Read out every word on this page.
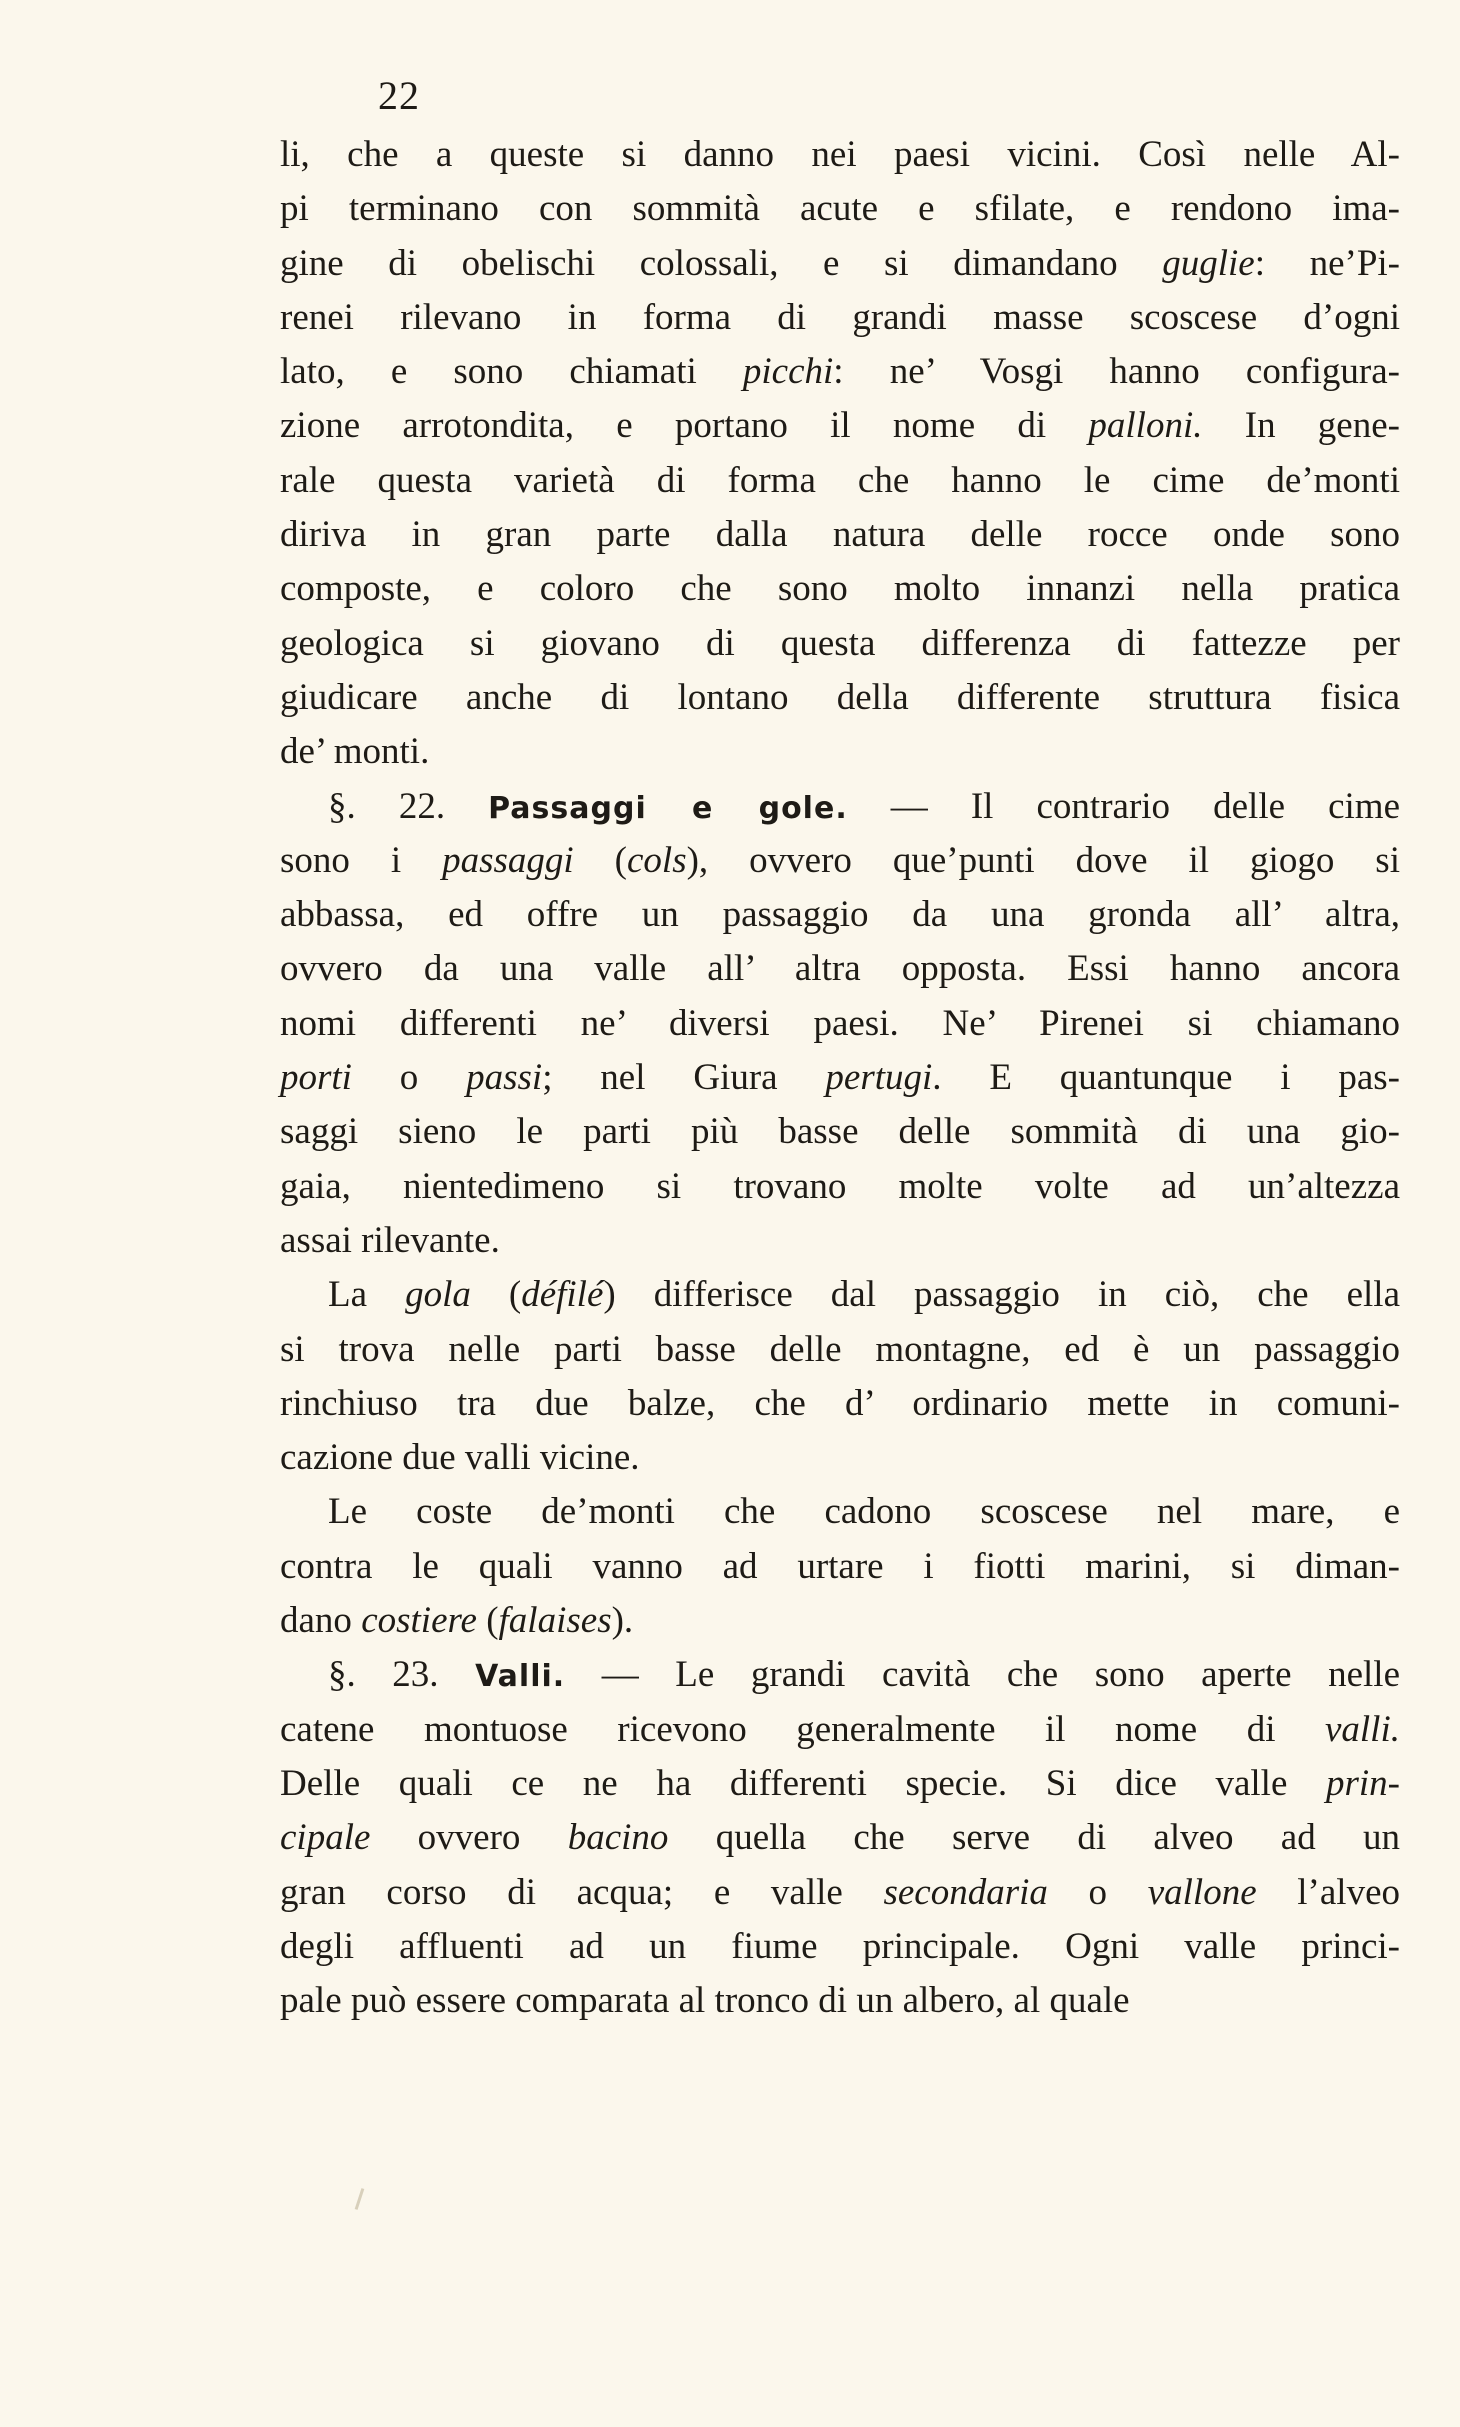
22
li, che a queste si danno nei paesi vicini. Così nelle Al-
pi terminano con sommità acute e sfilate, e rendono ima-
gine di obelischi colossali, e si dimandano guglie: ne’Pi-
renei rilevano in forma di grandi masse scoscese d’ogni
lato, e sono chiamati picchi: ne’ Vosgi hanno configura-
zione arrotondita, e portano il nome di palloni. In gene-
rale questa varietà di forma che hanno le cime de’monti
diriva in gran parte dalla natura delle rocce onde sono
composte, e coloro che sono molto innanzi nella pratica
geologica si giovano di questa differenza di fattezze per
giudicare anche di lontano della differente struttura fisica
de’ monti.
§. 22. Passaggi e gole. — Il contrario delle cime
sono i passaggi (cols), ovvero que’punti dove il giogo si
abbassa, ed offre un passaggio da una gronda all’ altra,
ovvero da una valle all’ altra opposta. Essi hanno ancora
nomi differenti ne’ diversi paesi. Ne’ Pirenei si chiamano
porti o passi; nel Giura pertugi. E quantunque i pas-
saggi sieno le parti più basse delle sommità di una gio-
gaia, nientedimeno si trovano molte volte ad un’altezza
assai rilevante.
La gola (défilé) differisce dal passaggio in ciò, che ella
si trova nelle parti basse delle montagne, ed è un passaggio
rinchiuso tra due balze, che d’ ordinario mette in comuni-
cazione due valli vicine.
Le coste de’monti che cadono scoscese nel mare, e
contra le quali vanno ad urtare i fiotti marini, si diman-
dano costiere (falaises).
§. 23. Valli. — Le grandi cavità che sono aperte nelle
catene montuose ricevono generalmente il nome di valli.
Delle quali ce ne ha differenti specie. Si dice valle prin-
cipale ovvero bacino quella che serve di alveo ad un
gran corso di acqua; e valle secondaria o vallone l’alveo
degli affluenti ad un fiume principale. Ogni valle princi-
pale può essere comparata al tronco di un albero, al quale
